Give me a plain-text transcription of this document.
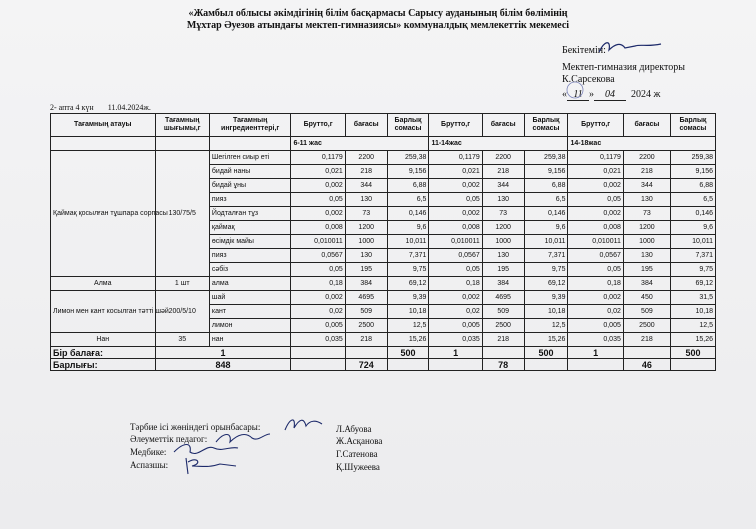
«Жамбыл облысы әкімдігінің білім басқармасы Сарысу ауданының білім бөлімінің
Мұхтар Әуезов атындағы мектеп-гимназиясы» коммуналдық мемлекеттік мекемесі
Бекітемін:
Мектеп-гимназия директоры
К.Сарсекова
« 11 » 04 2024 ж
2- апта 4 күн 11.04.2024ж.
Тағамның атауы	Тағамның шығымы,г	Тағамның ингредиенттері,г	Брутто,г	бағасы	Барлық сомасы	Брутто,г	бағасы	Барлық сомасы	Брутто,г	бағасы	Барлық сомасы
			6-11 жас			11-14жас			14-18жас		
Қаймақ қосылған тұшпара сорпасы	130/75/5	Шегілген сиыр еті	0,1179	2200	259,38	0,1179	2200	259,38	0,1179	2200	259,38
		бидай наны	0,021	218	9,156	0,021	218	9,156	0,021	218	9,156
		бидай ұны	0,002	344	6,88	0,002	344	6,88	0,002	344	6,88
		пияз	0,05	130	6,5	0,05	130	6,5	0,05	130	6,5
		Йодталған тұз	0,002	73	0,146	0,002	73	0,146	0,002	73	0,146
		қаймақ	0,008	1200	9,6	0,008	1200	9,6	0,008	1200	9,6
		өсімдік майы	0,010011	1000	10,011	0,010011	1000	10,011	0,010011	1000	10,011
		пияз	0,0567	130	7,371	0,0567	130	7,371	0,0567	130	7,371
		сәбіз	0,05	195	9,75	0,05	195	9,75	0,05	195	9,75
Алма	1 шт	алма	0,18	384	69,12	0,18	384	69,12	0,18	384	69,12
Лимон мен кант косылган тәтті шәй	200/5/10	шай	0,002	4695	9,39	0,002	4695	9,39	0,002	450	31,5
		кант	0,02	509	10,18	0,02	509	10,18	0,02	509	10,18
		лимон	0,005	2500	12,5	0,005	2500	12,5	0,005	2500	12,5
Нан	35	нан	0,035	218	15,26	0,035	218	15,26	0,035	218	15,26
Бір балаға:	1				500	1		500	1		500
Барлығы:	848			724			78			46	
Тәрбие ісі жөніндегі орынбасары:	Л.Абуова
Әлеуметтік педагог:	Ж.Асқанова
Медбике:	Г.Сатенова
Аспазшы:	Қ.Шужеева
